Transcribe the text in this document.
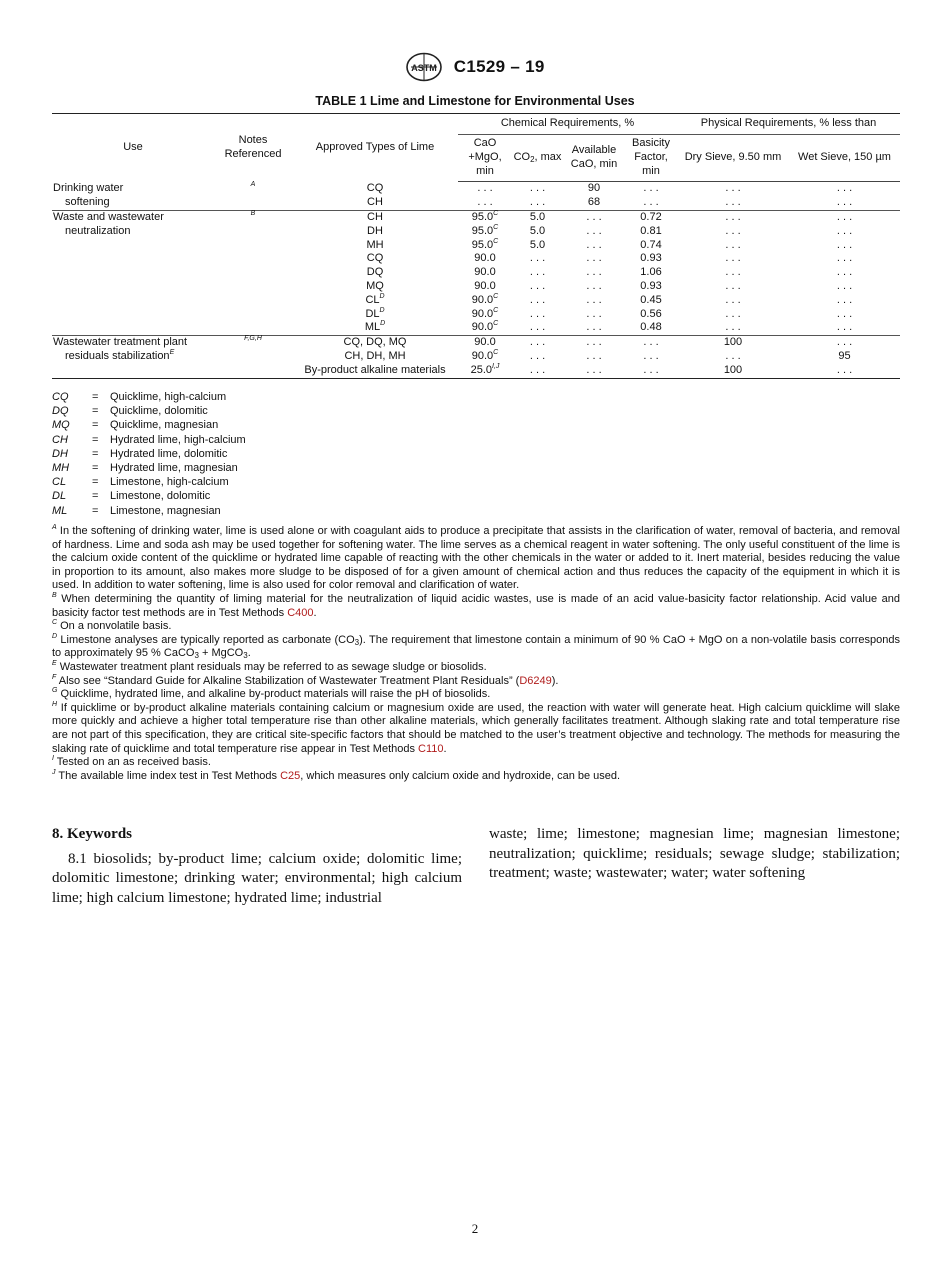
ASTM C1529 – 19
TABLE 1 Lime and Limestone for Environmental Uses
Use	Notes Referenced	Approved Types of Lime	Chemical Requirements, %				Physical Requirements, % less than	
			CaO +MgO, min	$CO_2$, max	Available CaO, min	Basicity Factor, min	Dry Sieve, 9.50 mm	Wet Sieve, 150 µm
Drinking water	$^A$	CQ	. . .	. . .	90	. . .	. . .	. . .
softening		CH	. . .	. . .	68	. . .	. . .	. . .
Waste and wastewater	$^B$	CH	$95.0^C$	5.0	. . .	0.72	. . .	. . .
neutralization		DH	$95.0^C$	5.0	. . .	0.81	. . .	. . .
		MH	$95.0^C$	5.0	. . .	0.74	. . .	. . .
		CQ	90.0	. . .	. . .	0.93	. . .	. . .
		DQ	90.0	. . .	. . .	1.06	. . .	. . .
		MQ	90.0	. . .	. . .	0.93	. . .	. . .
		$CL^D$	$90.0^C$	. . .	. . .	0.45	. . .	. . .
		$DL^D$	$90.0^C$	. . .	. . .	0.56	. . .	. . .
		$ML^D$	$90.0^C$	. . .	. . .	0.48	. . .	. . .
Wastewater treatment plant	$^{F,G,H}$	CQ, DQ, MQ	90.0	. . .	. . .	. . .	100	. . .
residuals stabilization$^E$		CH, DH, MH	$90.0^C$	. . .	. . .	. . .	. . .	95
		By-product alkaline materials	$25.0^{I,J}$	. . .	. . .	. . .	100	. . .
CQ = Quicklime, high-calcium
DQ = Quicklime, dolomitic
MQ = Quicklime, magnesian
CH = Hydrated lime, high-calcium
DH = Hydrated lime, dolomitic
MH = Hydrated lime, magnesian
CL = Limestone, high-calcium
DL = Limestone, dolomitic
ML = Limestone, magnesian

$^A$ In the softening of drinking water, lime is used alone or with coagulant aids to produce a precipitate that assists in the clarification of water, removal of bacteria, and removal of hardness. Lime and soda ash may be used together for softening water. The lime serves as a chemical reagent in water softening. The only useful constituent of the lime is the calcium oxide content of the quicklime or hydrated lime capable of reacting with the other chemicals in the water or added to it. Inert material, besides reducing the value in proportion to its amount, also makes more sludge to be disposed of for a given amount of chemical action and thus reduces the capacity of the equipment in which it is used. In addition to water softening, lime is also used for color removal and clarification of water.

$^B$ When determining the quantity of liming material for the neutralization of liquid acidic wastes, use is made of an acid value-basicity factor relationship. Acid value and basicity factor test methods are in Test Methods C400.

$^C$ On a nonvolatile basis.

$^D$ Limestone analyses are typically reported as carbonate $(CO_3)$. The requirement that limestone contain a minimum of 90 % CaO + MgO on a non-volatile basis corresponds to approximately 95 % CaCO$_3$ + MgCO$_3$.

$^E$ Wastewater treatment plant residuals may be referred to as sewage sludge or biosolids.

$^F$ Also see “Standard Guide for Alkaline Stabilization of Wastewater Treatment Plant Residuals” (D6249).

$^G$ Quicklime, hydrated lime, and alkaline by-product materials will raise the pH of biosolids.

$^H$ If quicklime or by-product alkaline materials containing calcium or magnesium oxide are used, the reaction with water will generate heat. High calcium quicklime will slake more quickly and achieve a higher total temperature rise than other alkaline materials, which generally facilitates treatment. Although slaking rate and total temperature rise are not part of this specification, they are critical site-specific factors that should be matched to the user’s treatment objective and technology. The methods for measuring the slaking rate of quicklime and total temperature rise appear in Test Methods C110.

$^I$ Tested on an as received basis.

$^J$ The available lime index test in Test Methods C25, which measures only calcium oxide and hydroxide, can be used.

8. Keywords

8.1 biosolids; by-product lime; calcium oxide; dolomitic lime; dolomitic limestone; drinking water; environmental; high calcium lime; high calcium limestone; hydrated lime; industrial

waste; lime; limestone; magnesian lime; magnesian limestone; neutralization; quicklime; residuals; sewage sludge; stabilization; treatment; waste; wastewater; water; water softening

2
